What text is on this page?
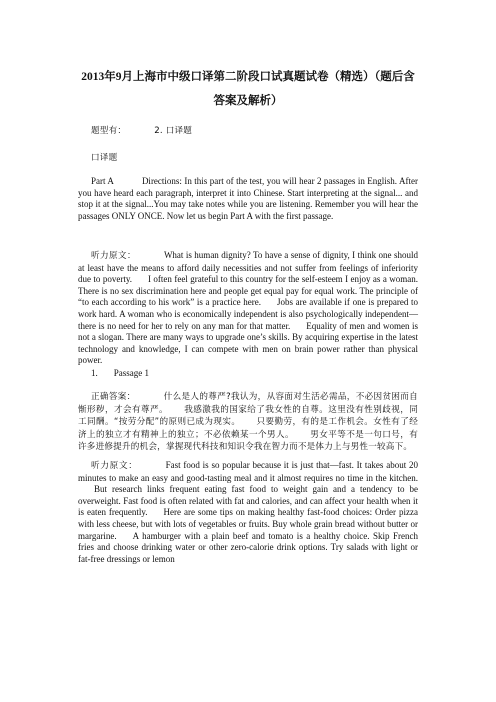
2013年9月上海市中级口译第二阶段口试真题试卷（精选）（题后含
答案及解析）

题型有：	2. 口译题

口译题

Part A	Directions: In this part of the test, you will hear 2 passages in English. After you have heard each paragraph, interpret it into Chinese. Start interpreting at the signal... and stop it at the signal...You may take notes while you are listening. Remember you will hear the passages ONLY ONCE. Now let us begin Part A with the first passage.

听力原文：	What is human dignity? To have a sense of dignity, I think one should at least have the means to afford daily necessities and not suffer from feelings of inferiority due to poverty. I often feel grateful to this country for the self-esteem I enjoy as a woman. There is no sex discrimination here and people get equal pay for equal work. The principle of “to each according to his work” is a practice here. Jobs are available if one is prepared to work hard. A woman who is economically independent is also psychologically independent—there is no need for her to rely on any man for that matter. Equality of men and women is not a slogan. There are many ways to upgrade one’s skills. By acquiring expertise in the latest technology and knowledge, I can compete with men on brain power rather than physical power.

1. Passage 1

正确答案：	什么是人的尊严?我认为，从容面对生活必需品，不必因贫困而自惭形秽，才会有尊严。 我感激我的国家给了我女性的自尊。这里没有性别歧视，同工同酬。“按劳分配”的原则已成为现实。 只要勤劳，有的是工作机会。女性有了经济上的独立才有精神上的独立；不必依赖某一个男人。 男女平等不是一句口号，有许多进修提升的机会，掌握现代科技和知识令我在智力而不是体力上与男性一较高下。

听力原文：	Fast food is so popular because it is just that—fast. It takes about 20 minutes to make an easy and good-tasting meal and it almost requires no time in the kitchen.But research links frequent eating fast food to weight gain and a tendency to be overweight. Fast food is often related with fat and calories, and can affect your health when it is eaten frequently. Here are some tips on making healthy fast-food choices: Order pizza with less cheese, but with lots of vegetables or fruits. Buy whole grain bread without butter or margarine. A hamburger with a plain beef and tomato is a healthy choice. Skip French fries and choose drinking water or other zero-calorie drink options. Try salads with light or fat-free dressings or lemon
